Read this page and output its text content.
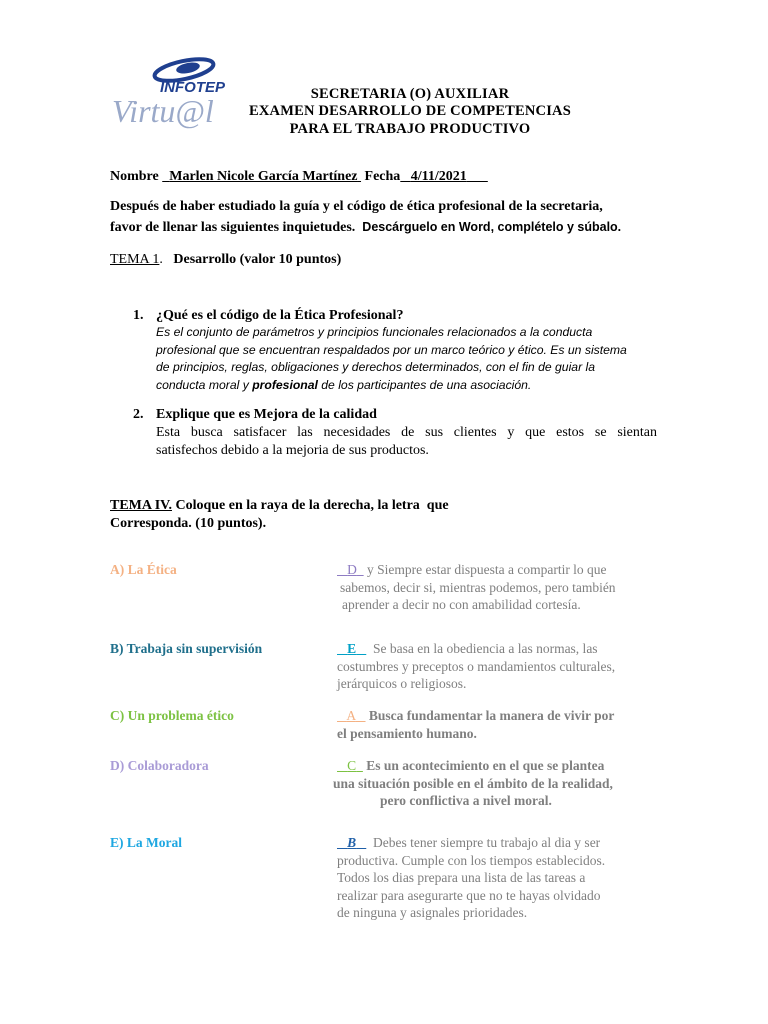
INFOTEP
Virtu@l	SECRETARIA (O) AUXILIAR
EXAMEN DESARROLLO DE COMPETENCIAS
PARA EL TRABAJO PRODUCTIVO
Nombre Marlen Nicole García Martínez Fecha 4/11/2021
Después de haber estudiado la guía y el código de ética profesional de la secretaria,
favor de llenar las siguientes inquietudes. Descárguelo en Word, complételo y súbalo.
TEMA 1. Desarrollo (valor 10 puntos)
1. ¿Qué es el código de la Ética Profesional?
Es el conjunto de parámetros y principios funcionales relacionados a la conducta
profesional que se encuentran respaldados por un marco teórico y ético. Es un sistema
de principios, reglas, obligaciones y derechos determinados, con el fin de guiar la
conducta moral y profesional de los participantes de una asociación.
2. Explique que es Mejora de la calidad
Esta busca satisfacer las necesidades de sus clientes y que estos se sientan
satisfechos debido a la mejoria de sus productos.
TEMA IV. Coloque en la raya de la derecha, la letra  que
Corresponda. (10 puntos).
A) La Ética	D y Siempre estar dispuesta a compartir lo que
sabemos, decir si, mientras podemos, pero también
aprender a decir no con amabilidad cortesía.
B) Trabaja sin supervisión	E Se basa en la obediencia a las normas, las
costumbres y preceptos o mandamientos culturales,
jerárquicos o religiosos.
C) Un problema ético	A Busca fundamentar la manera de vivir por
el pensamiento humano.
D) Colaboradora	C Es un acontecimiento en el que se plantea
una situación posible en el ámbito de la realidad,
pero conflictiva a nivel moral.
E) La Moral	B Debes tener siempre tu trabajo al dia y ser
productiva. Cumple con los tiempos establecidos.
Todos los dias prepara una lista de las tareas a
realizar para asegurarte que no te hayas olvidado
de ninguna y asignales prioridades.
